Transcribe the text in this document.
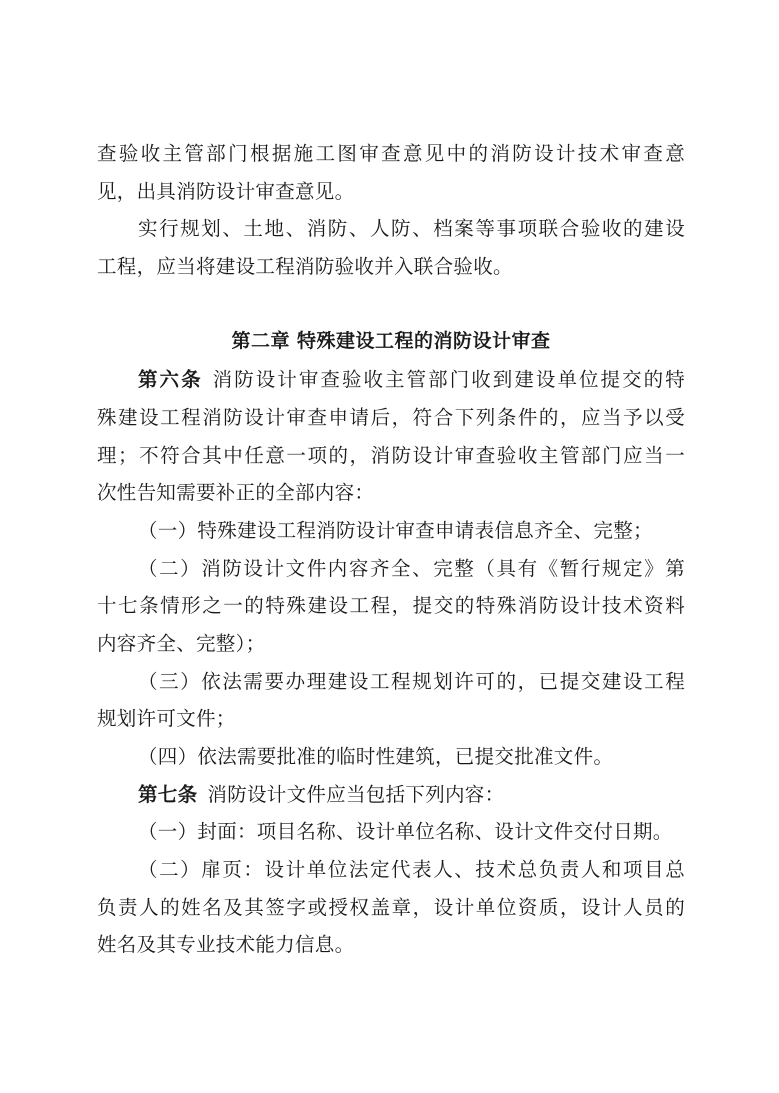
查验收主管部门根据施工图审查意见中的消防设计技术审查意
见，出具消防设计审查意见。
实行规划、土地、消防、人防、档案等事项联合验收的建设
工程，应当将建设工程消防验收并入联合验收。
第二章 特殊建设工程的消防设计审查
第六条 消防设计审查验收主管部门收到建设单位提交的特
殊建设工程消防设计审查申请后，符合下列条件的，应当予以受
理；不符合其中任意一项的，消防设计审查验收主管部门应当一
次性告知需要补正的全部内容：
（一）特殊建设工程消防设计审查申请表信息齐全、完整；
（二）消防设计文件内容齐全、完整（具有《暂行规定》第
十七条情形之一的特殊建设工程，提交的特殊消防设计技术资料
内容齐全、完整）；
（三）依法需要办理建设工程规划许可的，已提交建设工程
规划许可文件；
（四）依法需要批准的临时性建筑，已提交批准文件。
第七条 消防设计文件应当包括下列内容：
（一）封面：项目名称、设计单位名称、设计文件交付日期。
（二）扉页：设计单位法定代表人、技术总负责人和项目总
负责人的姓名及其签字或授权盖章，设计单位资质，设计人员的
姓名及其专业技术能力信息。
